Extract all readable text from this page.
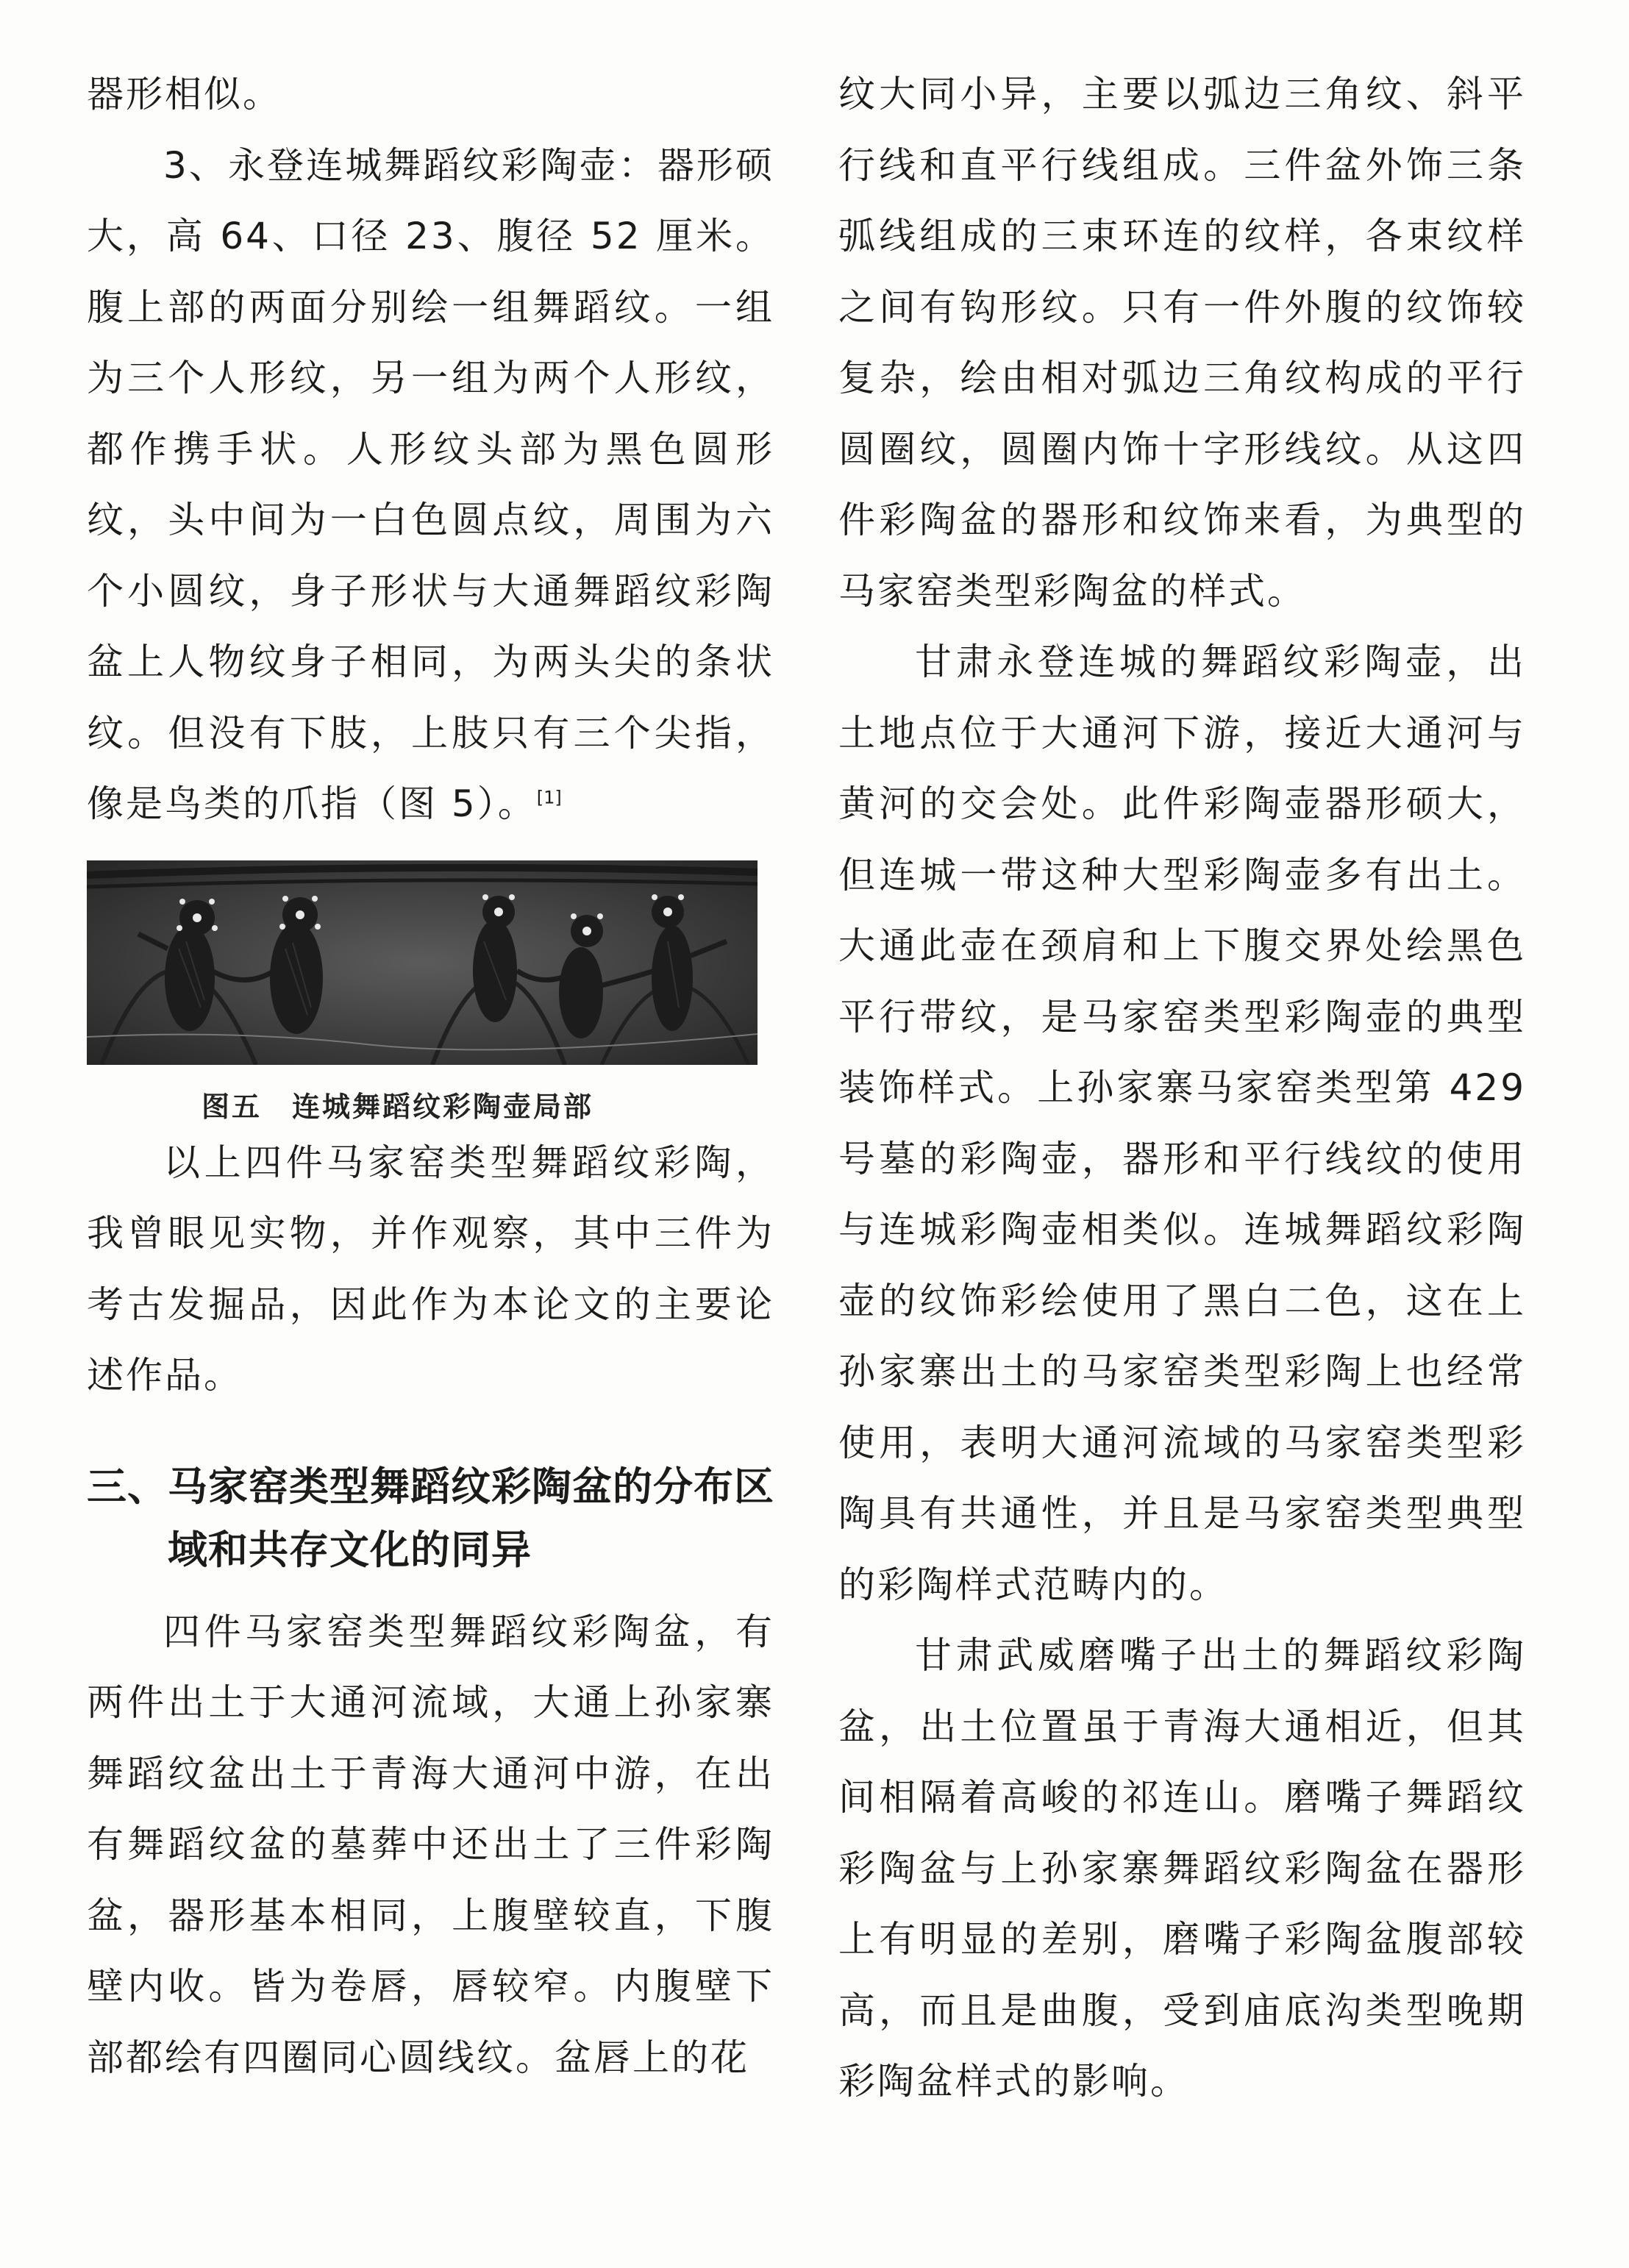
器形相似。

3、永登连城舞蹈纹彩陶壶：器形硕大，高 64、口径 23、腹径 52 厘米。腹上部的两面分别绘一组舞蹈纹。一组为三个人形纹，另一组为两个人形纹，都作携手状。人形纹头部为黑色圆形纹，头中间为一白色圆点纹，周围为六个小圆纹，身子形状与大通舞蹈纹彩陶盆上人物纹身子相同，为两头尖的条状纹。但没有下肢，上肢只有三个尖指，像是鸟类的爪指（图 5）。[1]

图五　连城舞蹈纹彩陶壶局部

以上四件马家窑类型舞蹈纹彩陶，我曾眼见实物，并作观察，其中三件为考古发掘品，因此作为本论文的主要论述作品。

三、马家窑类型舞蹈纹彩陶盆的分布区
域和共存文化的同异

四件马家窑类型舞蹈纹彩陶盆，有两件出土于大通河流域，大通上孙家寨舞蹈纹盆出土于青海大通河中游，在出有舞蹈纹盆的墓葬中还出土了三件彩陶盆，器形基本相同，上腹壁较直，下腹壁内收。皆为卷唇，唇较窄。内腹壁下部都绘有四圈同心圆线纹。盆唇上的花

纹大同小异，主要以弧边三角纹、斜平行线和直平行线组成。三件盆外饰三条弧线组成的三束环连的纹样，各束纹样之间有钩形纹。只有一件外腹的纹饰较复杂，绘由相对弧边三角纹构成的平行圆圈纹，圆圈内饰十字形线纹。从这四件彩陶盆的器形和纹饰来看，为典型的马家窑类型彩陶盆的样式。

甘肃永登连城的舞蹈纹彩陶壶，出土地点位于大通河下游，接近大通河与黄河的交会处。此件彩陶壶器形硕大，但连城一带这种大型彩陶壶多有出土。大通此壶在颈肩和上下腹交界处绘黑色平行带纹，是马家窑类型彩陶壶的典型装饰样式。上孙家寨马家窑类型第 429 号墓的彩陶壶，器形和平行线纹的使用与连城彩陶壶相类似。连城舞蹈纹彩陶壶的纹饰彩绘使用了黑白二色，这在上孙家寨出土的马家窑类型彩陶上也经常使用，表明大通河流域的马家窑类型彩陶具有共通性，并且是马家窑类型典型的彩陶样式范畴内的。

甘肃武威磨嘴子出土的舞蹈纹彩陶盆，出土位置虽于青海大通相近，但其间相隔着高峻的祁连山。磨嘴子舞蹈纹彩陶盆与上孙家寨舞蹈纹彩陶盆在器形上有明显的差别，磨嘴子彩陶盆腹部较高，而且是曲腹，受到庙底沟类型晚期彩陶盆样式的影响。
